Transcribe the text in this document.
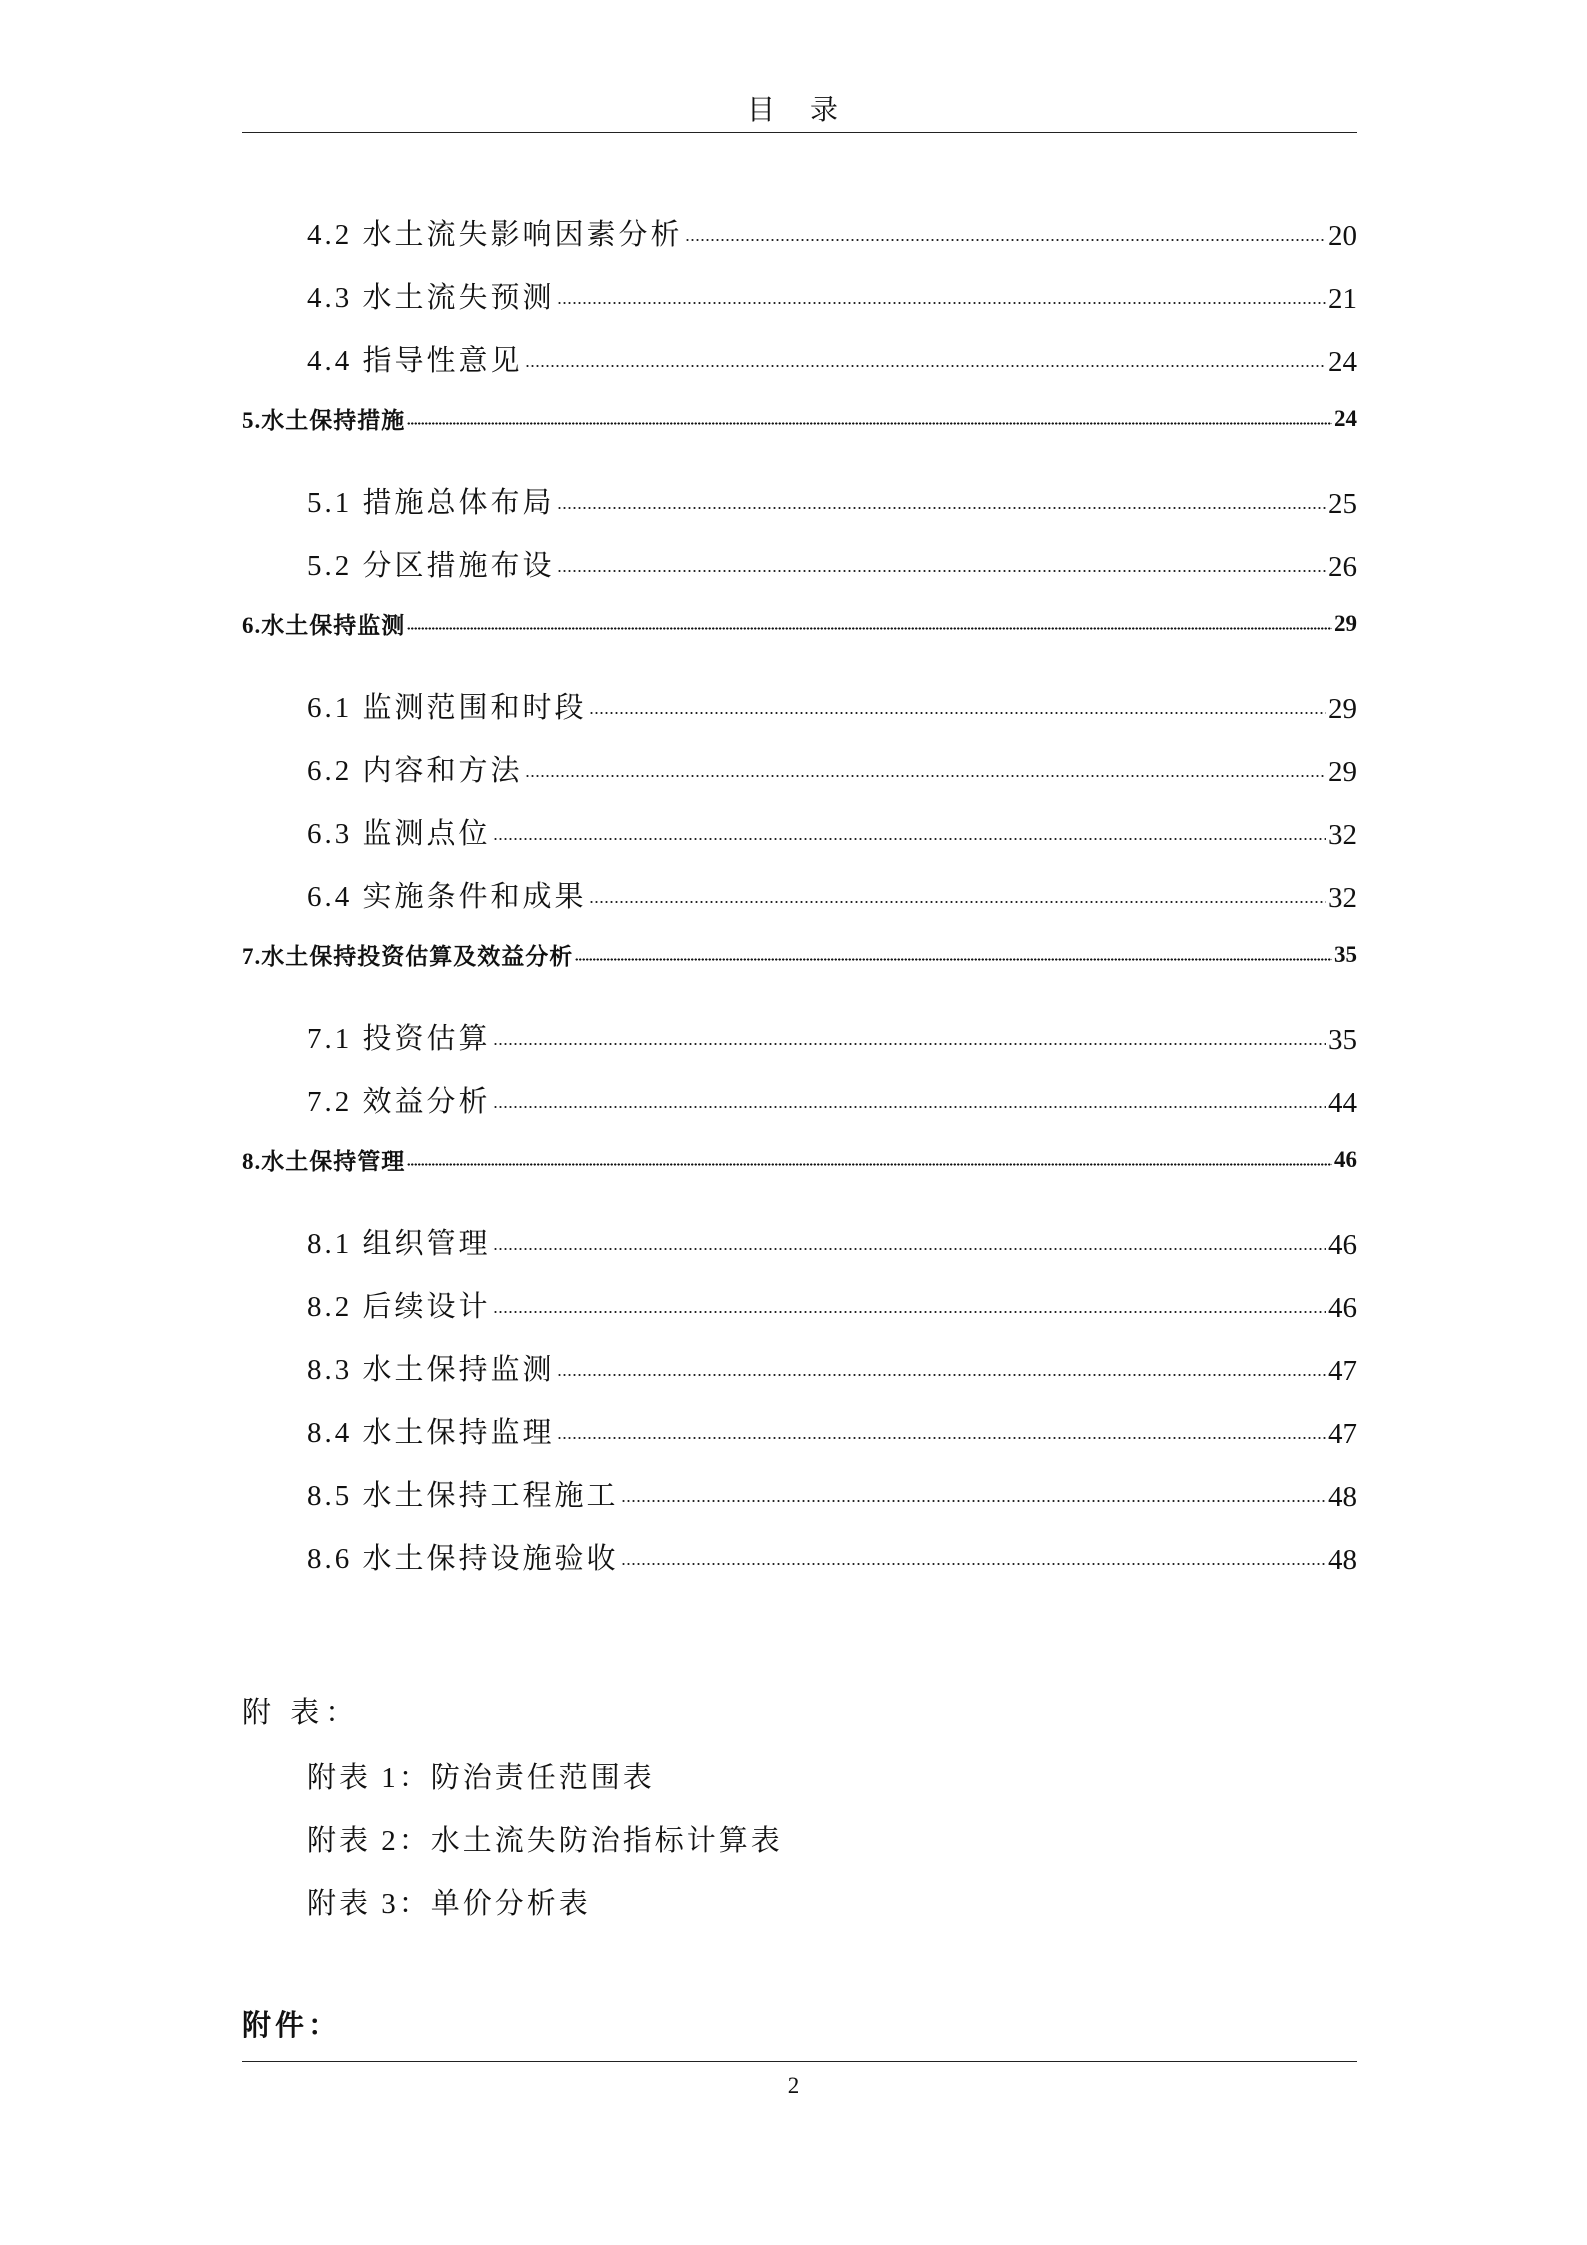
目 录
4.2 水土流失影响因素分析	20
4.3 水土流失预测	21
4.4 指导性意见	24
5.水土保持措施	24
5.1 措施总体布局	25
5.2 分区措施布设	26
6.水土保持监测	29
6.1 监测范围和时段	29
6.2 内容和方法	29
6.3 监测点位	32
6.4 实施条件和成果	32
7.水土保持投资估算及效益分析	35
7.1 投资估算	35
7.2 效益分析	44
8.水土保持管理	46
8.1 组织管理	46
8.2 后续设计	46
8.3 水土保持监测	47
8.4 水土保持监理	47
8.5 水土保持工程施工	48
8.6 水土保持设施验收	48
附 表：
附表 1：防治责任范围表
附表 2：水土流失防治指标计算表
附表 3：单价分析表
附件：
2
